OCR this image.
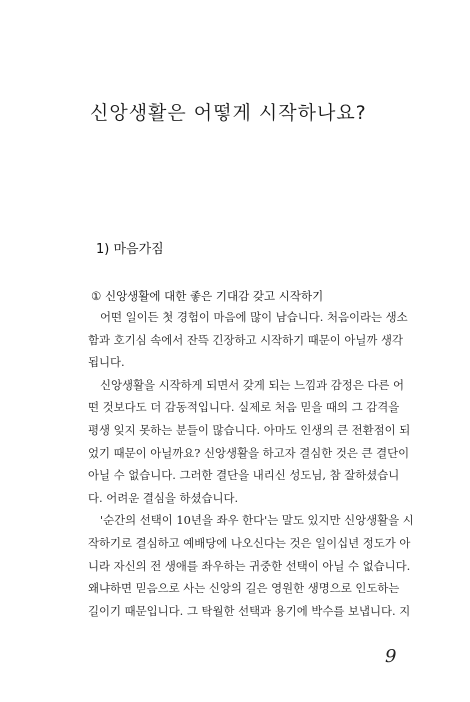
신앙생활은 어떻게 시작하나요?
1) 마음가짐
① 신앙생활에 대한 좋은 기대감 갖고 시작하기
어떤 일이든 첫 경험이 마음에 많이 남습니다. 처음이라는 생소
함과 호기심 속에서 잔뜩 긴장하고 시작하기 때문이 아닐까 생각
됩니다.
신앙생활을 시작하게 되면서 갖게 되는 느낌과 감정은 다른 어
떤 것보다도 더 감동적입니다. 실제로 처음 믿을 때의 그 감격을
평생 잊지 못하는 분들이 많습니다. 아마도 인생의 큰 전환점이 되
었기 때문이 아닐까요? 신앙생활을 하고자 결심한 것은 큰 결단이
아닐 수 없습니다. 그러한 결단을 내리신 성도님, 참 잘하셨습니
다. 어려운 결심을 하셨습니다.
'순간의 선택이 10년을 좌우 한다'는 말도 있지만 신앙생활을 시
작하기로 결심하고 예배당에 나오신다는 것은 일이십년 정도가 아
니라 자신의 전 생애를 좌우하는 귀중한 선택이 아닐 수 없습니다.
왜냐하면 믿음으로 사는 신앙의 길은 영원한 생명으로 인도하는
길이기 때문입니다. 그 탁월한 선택과 용기에 박수를 보냅니다. 지
9
